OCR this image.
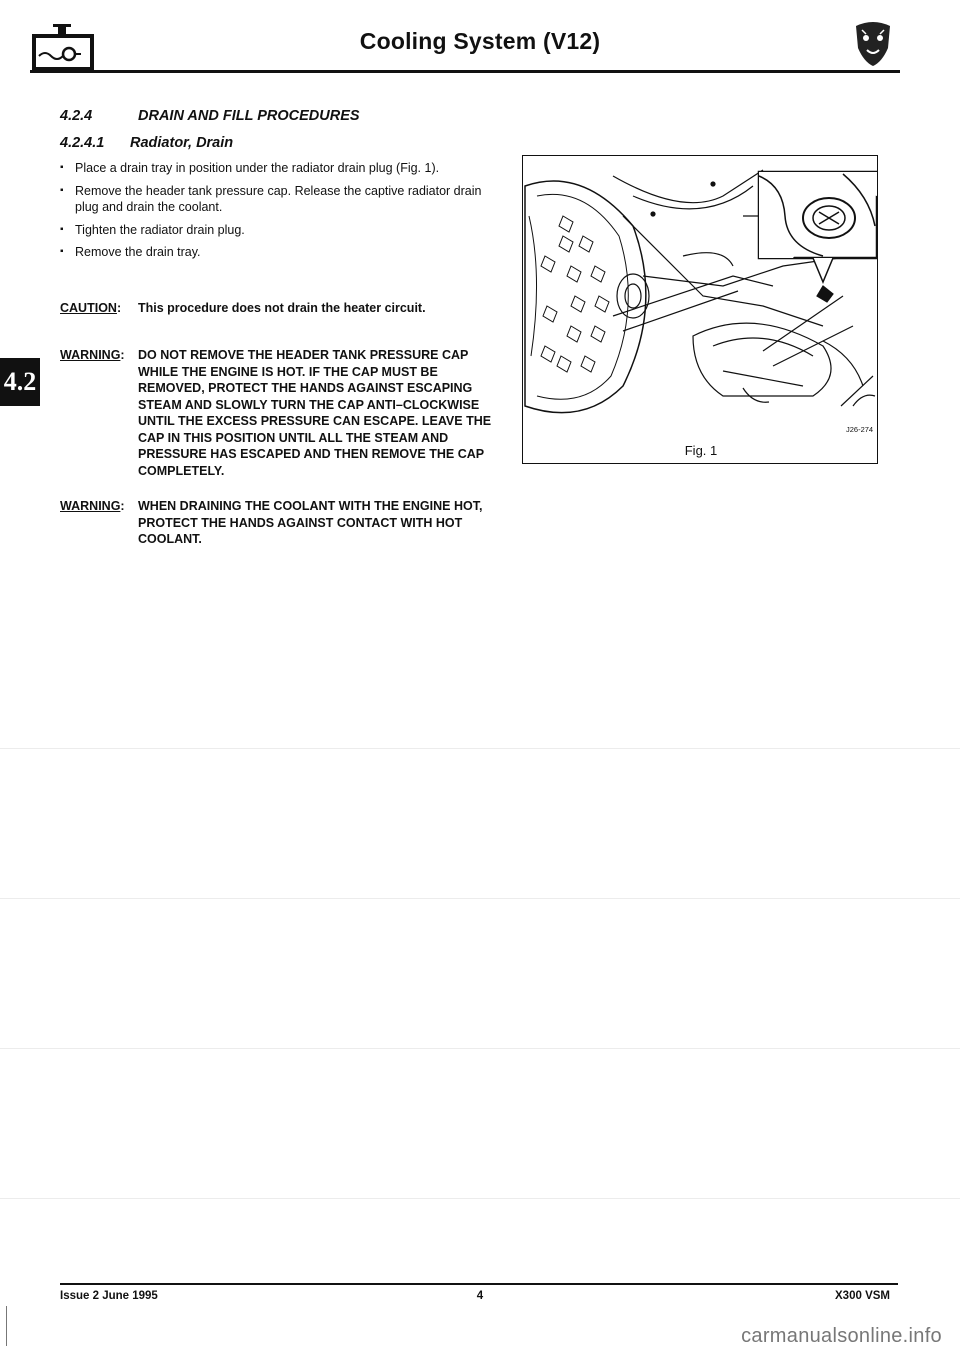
Cooling System (V12)
4.2.4	DRAIN AND FILL PROCEDURES
4.2.4.1 Radiator, Drain
▪ Place a drain tray in position under the radiator drain plug (Fig. 1).
▪ Remove the header tank pressure cap. Release the captive radiator drain plug and drain the coolant.
▪ Tighten the radiator drain plug.
▪ Remove the drain tray.
CAUTION:	This procedure does not drain the heater circuit.
WARNING:	DO NOT REMOVE THE HEADER TANK PRESSURE CAP WHILE THE ENGINE IS HOT. IF THE CAP MUST BE REMOVED, PROTECT THE HANDS AGAINST ESCAPING STEAM AND SLOWLY TURN THE CAP ANTI–CLOCKWISE UNTIL THE EXCESS PRESSURE CAN ESCAPE. LEAVE THE CAP IN THIS POSITION UNTIL ALL THE STEAM AND PRESSURE HAS ESCAPED AND THEN REMOVE THE CAP COMPLETELY.
WARNING:	WHEN DRAINING THE COOLANT WITH THE ENGINE HOT, PROTECT THE HANDS AGAINST CONTACT WITH HOT COOLANT.
4.2
J26-274
Fig. 1
Issue 2 June 1995	4	X300 VSM
carmanualsonline.info
